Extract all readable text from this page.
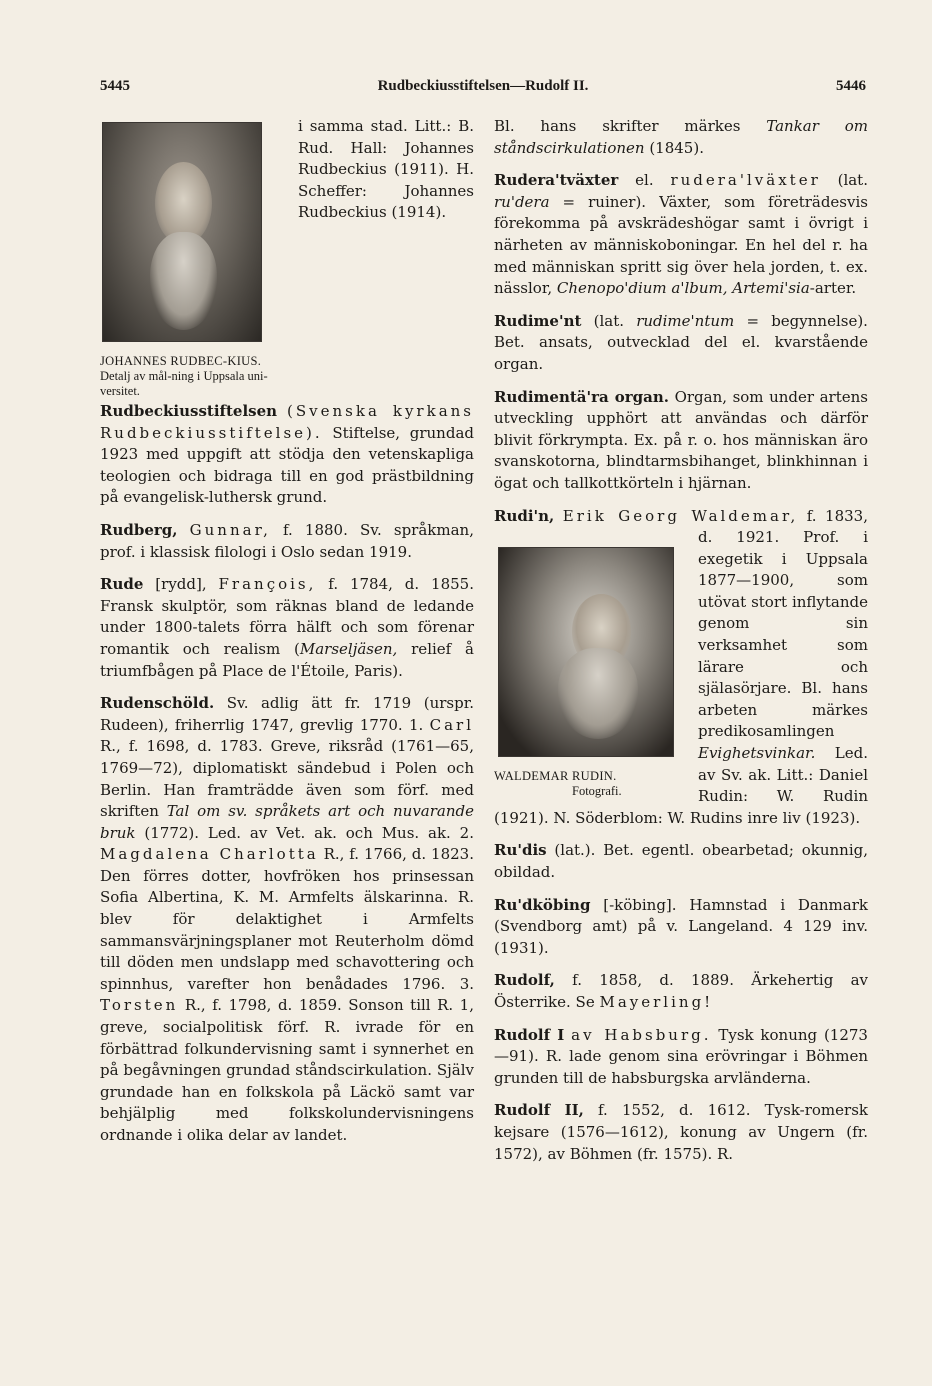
5445	Rudbeckiusstiftelsen—Rudolf II.	5446
JOHANNES RUDBEC-KIUS. Detalj av mål-ning i Uppsala uni-versitet.

i samma stad. Litt.: B. Rud. Hall: Johannes Rudbeckius (1911). H. Scheffer: Johannes Rudbeckius (1914).

Rudbeckiusstiftelsen (Svenska kyrkans Rudbeckiusstiftelse). Stiftelse, grundad 1923 med uppgift att stödja den vetenskapliga teologien och bidraga till en god prästbildning på evangelisk-luthersk grund.

Rudberg, Gunnar, f. 1880. Sv. språkman, prof. i klassisk filologi i Oslo sedan 1919.

Rude [rydd], François, f. 1784, d. 1855. Fransk skulptör, som räknas bland de ledande under 1800-talets förra hälft och som förenar romantik och realism (Marseljäsen, relief å triumfbågen på Place de l'Étoile, Paris).

Rudenschöld. Sv. adlig ätt fr. 1719 (urspr. Rudeen), friherrlig 1747, grevlig 1770. 1. Carl R., f. 1698, d. 1783. Greve, riksråd (1761—65, 1769—72), diplomatiskt sändebud i Polen och Berlin. Han framträdde även som förf. med skriften Tal om sv. språkets art och nuvarande bruk (1772). Led. av Vet. ak. och Mus. ak. 2. Magdalena Charlotta R., f. 1766, d. 1823. Den förres dotter, hovfröken hos prinsessan Sofia Albertina, K. M. Armfelts älskarinna. R. blev för delaktighet i Armfelts sammansvärjningsplaner mot Reuterholm dömd till döden men undslapp med schavottering och spinnhus, varefter hon benådades 1796. 3. Torsten R., f. 1798, d. 1859. Sonson till R. 1, greve, socialpolitisk förf. R. ivrade för en förbättrad folkundervisning samt i synnerhet en på begåvningen grundad ståndscirkulation. Själv grundade han en folkskola på Läckö samt var behjälplig med folkskolundervisningens ordnande i olika delar av landet.

Bl. hans skrifter märkes Tankar om ståndscirkulationen (1845).

Rudera'tväxter el. rudera'lväxter (lat. ru'dera = ruiner). Växter, som företrädesvis förekomma på avskrädeshögar samt i övrigt i närheten av människoboningar. En hel del r. ha med människan spritt sig över hela jorden, t. ex. nässlor, Chenopo'dium a'lbum, Artemi'sia-arter.

Rudime'nt (lat. rudime'ntum = begynnelse). Bet. ansats, outvecklad del el. kvarstående organ.

Rudimentä'ra organ. Organ, som under artens utveckling upphört att användas och därför blivit förkrympta. Ex. på r. o. hos människan äro svanskotorna, blindtarmsbihanget, blinkhinnan i ögat och tallkottkörteln i hjärnan.

Rudi'n, Erik Georg Waldemar,
WALDEMAR RUDIN.
Fotografi.
f. 1833, d. 1921. Prof. i exegetik i Uppsala 1877—1900, som utövat stort inflytande genom sin verksamhet som lärare och själasörjare. Bl. hans arbeten märkes predikosamlingen Evighetsvinkar. Led. av Sv. ak. Litt.: Daniel Rudin: W. Rudin (1921). N. Söderblom: W. Rudins inre liv (1923).

Ru'dis (lat.). Bet. egentl. obearbetad; okunnig, obildad.

Ru'dköbing [-köbing]. Hamnstad i Danmark (Svendborg amt) på v. Langeland. 4 129 inv. (1931).

Rudolf, f. 1858, d. 1889. Ärkehertig av Österrike. Se Mayerling!

Rudolf I av Habsburg. Tysk konung (1273—91). R. lade genom sina erövringar i Böhmen grunden till de habsburgska arvländerna.

Rudolf II, f. 1552, d. 1612. Tysk-romersk kejsare (1576—1612), konung av Ungern (fr. 1572), av Böhmen (fr. 1575). R.
